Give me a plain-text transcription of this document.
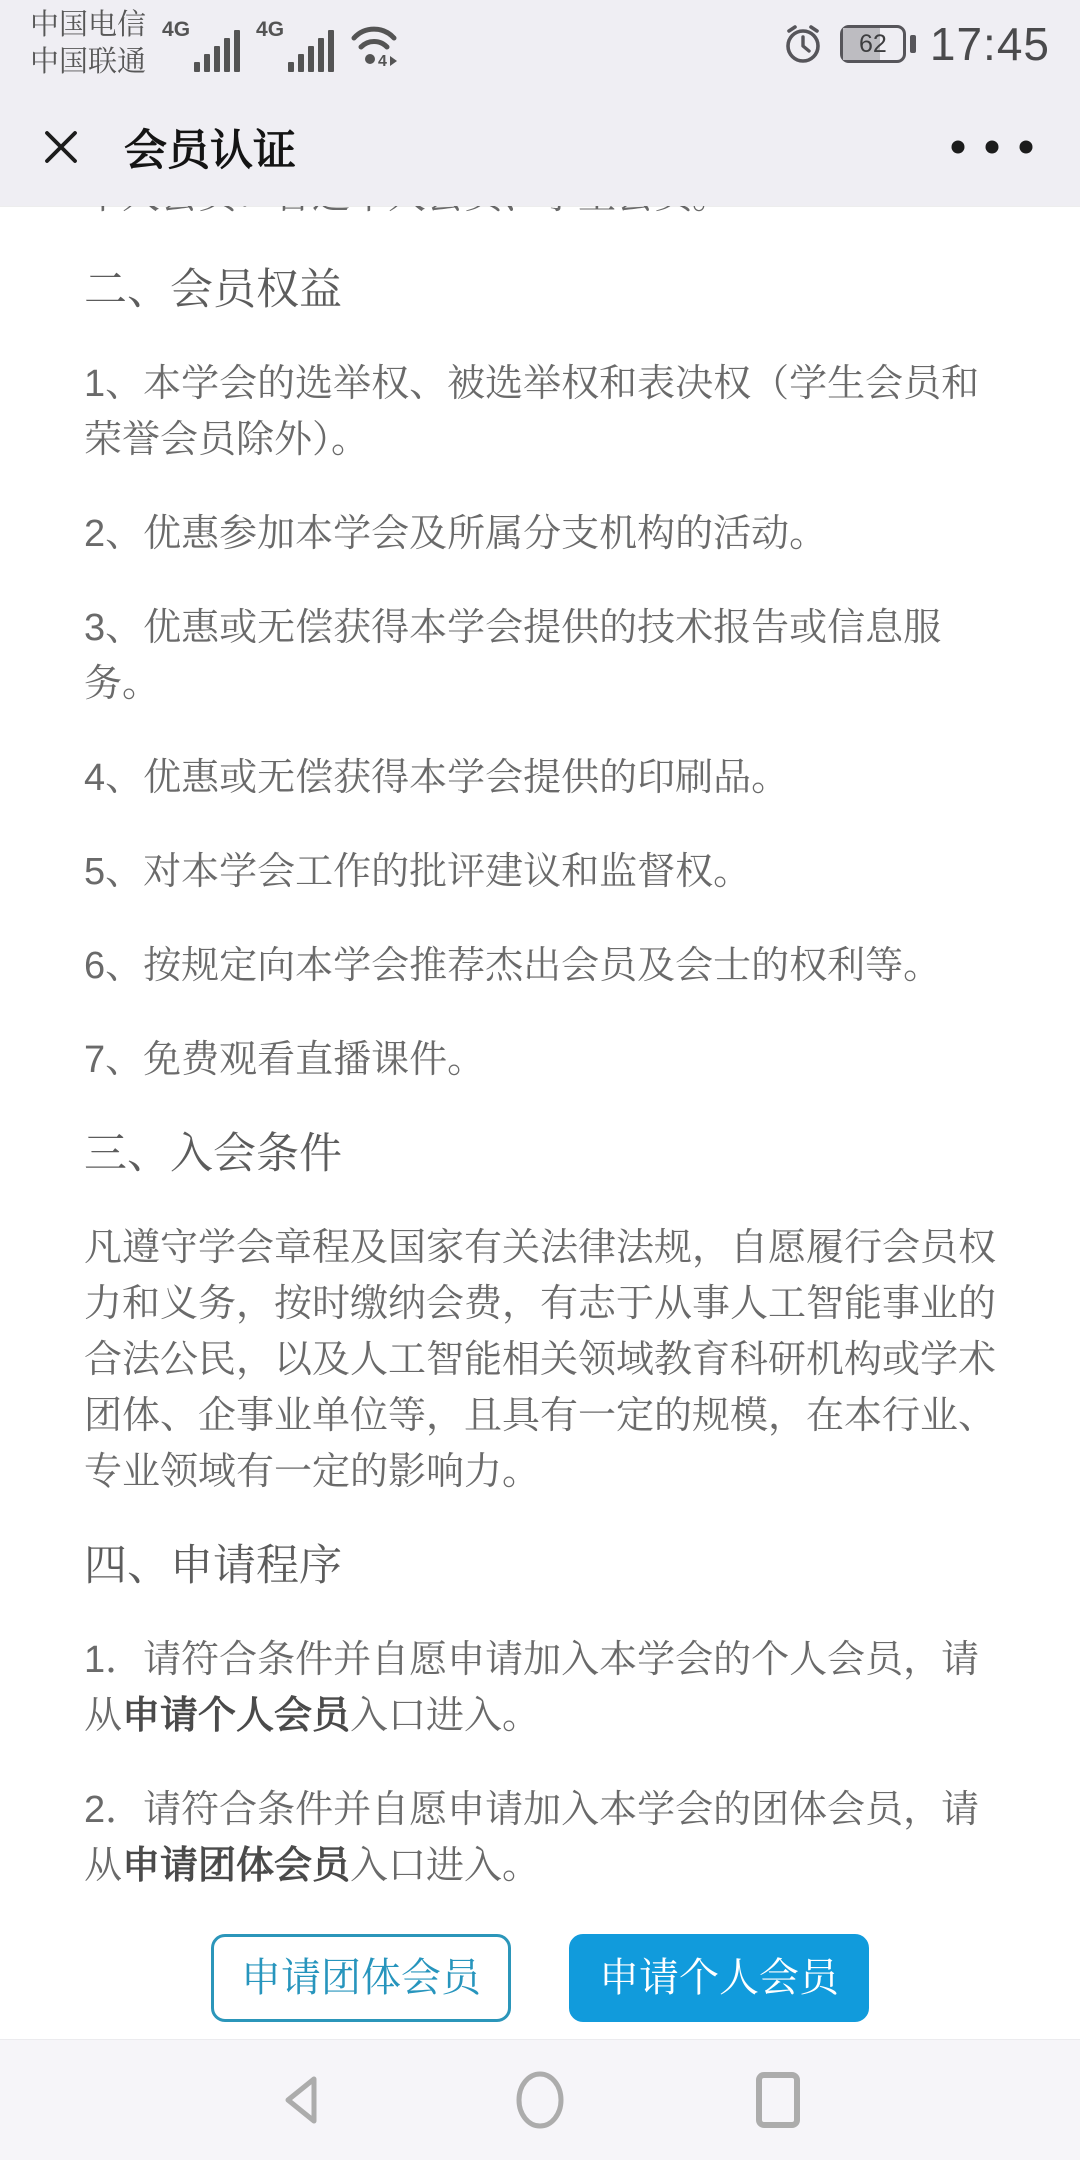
中国电信
中国联通
4G	4G
4
62 17:45
会员认证

二、会员权益

1、本学会的选举权、被选举权和表决权（学生会员和荣誉会员除外）。

2、优惠参加本学会及所属分支机构的活动。

3、优惠或无偿获得本学会提供的技术报告或信息服务。

4、优惠或无偿获得本学会提供的印刷品。

5、对本学会工作的批评建议和监督权。

6、按规定向本学会推荐杰出会员及会士的权利等。

7、免费观看直播课件。

三、入会条件

凡遵守学会章程及国家有关法律法规，自愿履行会员权力和义务，按时缴纳会费，有志于从事人工智能事业的合法公民，以及人工智能相关领域教育科研机构或学术团体、企事业单位等，且具有一定的规模，在本行业、专业领域有一定的影响力。

四、申请程序

1．请符合条件并自愿申请加入本学会的个人会员，请从申请个人会员入口进入。

2．请符合条件并自愿申请加入本学会的团体会员，请从申请团体会员入口进入。

申请团体会员	申请个人会员
